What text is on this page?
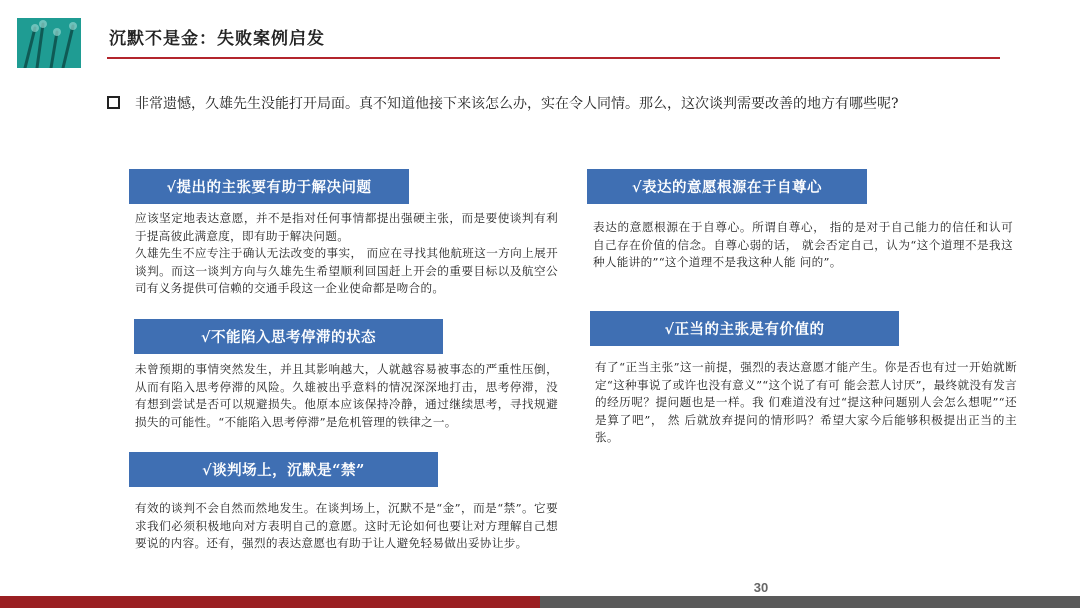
沉默不是金：失败案例启发
非常遗憾，久雄先生没能打开局面。真不知道他接下来该怎么办，实在令人同情。那么，这次谈判需要改善的地方有哪些呢?
√提出的主张要有助于解决问题

应该坚定地表达意愿，并不是指对任何事情都提出强硬主张，而是要使谈判有利于提高彼此满意度，即有助于解决问题。

久雄先生不应专注于确认无法改变的事实， 而应在寻找其他航班这一方向上展开谈判。而这一谈判方向与久雄先生希望顺利回国赶上开会的重要目标以及航空公司有义务提供可信赖的交通手段这一企业使命都是吻合的。

√不能陷入思考停滞的状态

未曾预期的事情突然发生，并且其影响越大，人就越容易被事态的严重性压倒，从而有陷入思考停滞的风险。久雄被出乎意料的情况深深地打击，思考停滞，没有想到尝试是否可以规避损失。他原本应该保持冷静，通过继续思考，寻找规避损失的可能性。“不能陷入思考停滞”是危机管理的铁律之一。

√谈判场上，沉默是“禁”

有效的谈判不会自然而然地发生。在谈判场上，沉默不是“金”，而是“禁”。它要求我们必须积极地向对方表明自己的意愿。这时无论如何也要让对方理解自己想要说的内容。还有，强烈的表达意愿也有助于让人避免轻易做出妥协让步。

√表达的意愿根源在于自尊心

表达的意愿根源在于自尊心。所谓自尊心， 指的是对于自己能力的信任和认可自己存在价值的信念。自尊心弱的话， 就会否定自己，认为“这个道理不是我这种人能讲的”“这个道理不是我这种人能 问的”。

√正当的主张是有价值的

有了“正当主张”这一前提，强烈的表达意愿才能产生。你是否也有过一开始就断定“这种事说了或许也没有意义”“这个说了有可 能会惹人讨厌”，最终就没有发言的经历呢？提问题也是一样。我 们难道没有过“提这种问题别人会怎么想呢”“还是算了吧”， 然 后就放弃提问的情形吗？希望大家今后能够积极提出正当的主张。

30
